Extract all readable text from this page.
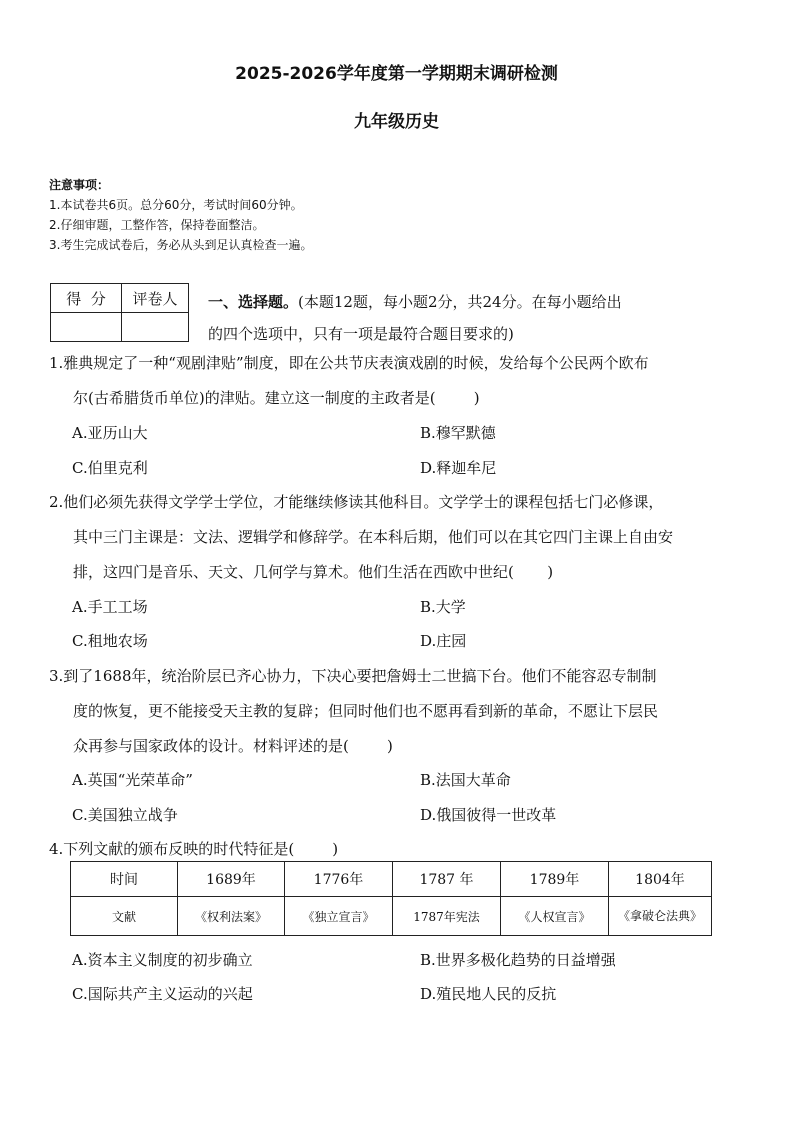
2025-2026学年度第一学期期末调研检测
九年级历史
注意事项：
1.本试卷共6页。总分60分，考试时间60分钟。
2.仔细审题，工整作答，保持卷面整洁。
3.考生完成试卷后，务必从头到足认真检查一遍。
得  分	评卷人
	一、选择题。(本题12题，每小题2分，共24分。在每小题给出
的四个选项中，只有一项是最符合题目要求的)
1.雅典规定了一种“观剧津贴”制度，即在公共节庆表演戏剧的时候，发给每个公民两个欧布
尔(古希腊货币单位)的津贴。建立这一制度的主政者是(        )
A.亚历山大	B.穆罕默德
C.伯里克利	D.释迦牟尼
2.他们必须先获得文学学士学位，才能继续修读其他科目。文学学士的课程包括七门必修课，
其中三门主课是：文法、逻辑学和修辞学。在本科后期，他们可以在其它四门主课上自由安
排，这四门是音乐、天文、几何学与算术。他们生活在西欧中世纪(       )
A.手工工场	B.大学
C.租地农场	D.庄园
3.到了1688年，统治阶层已齐心协力，下决心要把詹姆士二世搞下台。他们不能容忍专制制
度的恢复，更不能接受天主教的复辟；但同时他们也不愿再看到新的革命，不愿让下层民
众再参与国家政体的设计。材料评述的是(        )
A.英国“光荣革命”	B.法国大革命
C.美国独立战争	D.俄国彼得一世改革
4.下列文献的颁布反映的时代特征是(        )
时间	1689年	1776年	1787 年	1789年	1804年
文献	《权利法案》	《独立宣言》	1787年宪法	《人权宣言》	《拿破仑法典》
A.资本主义制度的初步确立	B.世界多极化趋势的日益增强
C.国际共产主义运动的兴起	D.殖民地人民的反抗
